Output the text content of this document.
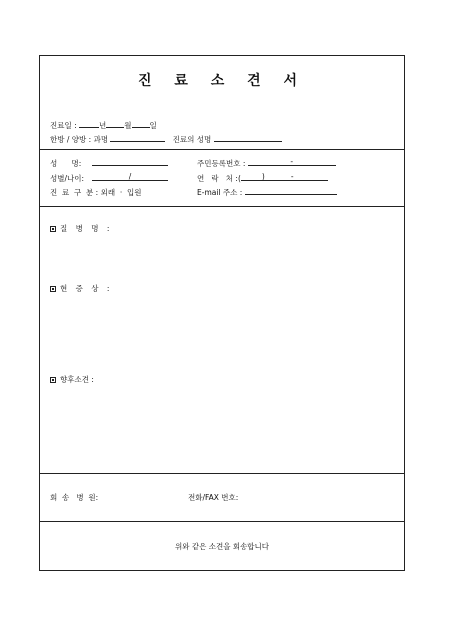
진 료 소 견 서
진료일 :	년 월 일
한방 / 양방 : 과명	진료의 성명
성      명:	주민등록번호 :	-
성별/나이:	/	연   락   처 :(	)	-
진  료  구  분 : 외래  ·  입원	E-mail 주소 :
질 병 명 :
현 증 상 :
향후소견 :
회  송   병  원:	전화/FAX 번호:
위와 같은 소견을 회송합니다
